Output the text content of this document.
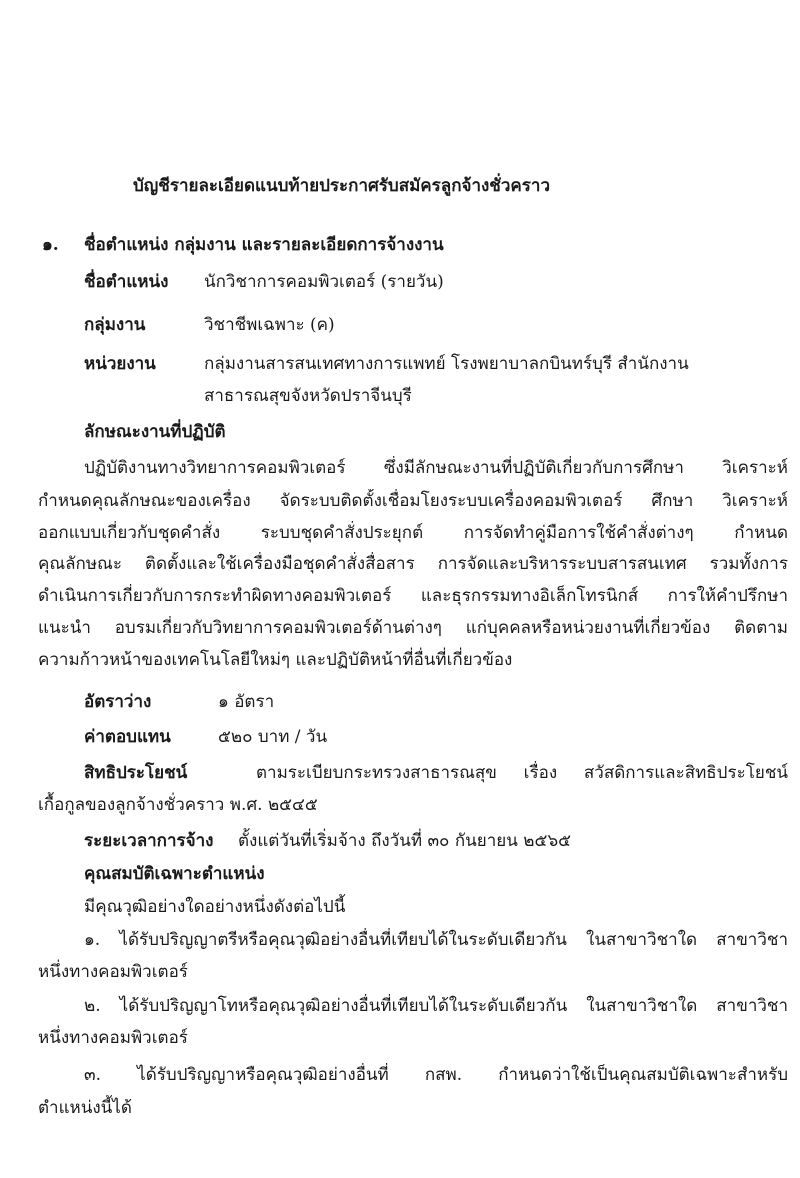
บัญชีรายละเอียดแนบท้ายประกาศรับสมัครลูกจ้างชั่วคราว
๑. ชื่อตำแหน่ง กลุ่มงาน และรายละเอียดการจ้างงาน
ชื่อตำแหน่ง นักวิชาการคอมพิวเตอร์ (รายวัน)
กลุ่มงาน	วิชาชีพเฉพาะ (ค)
หน่วยงาน	กลุ่มงานสารสนเทศทางการแพทย์ โรงพยาบาลกบินทร์บุรี สำนักงาน
สาธารณสุขจังหวัดปราจีนบุรี
ลักษณะงานที่ปฏิบัติ
ปฏิบัติงานทางวิทยาการคอมพิวเตอร์ ซึ่งมีลักษณะงานที่ปฏิบัติเกี่ยวกับการศึกษา วิเคราะห์
กำหนดคุณลักษณะของเครื่อง จัดระบบติดตั้งเชื่อมโยงระบบเครื่องคอมพิวเตอร์ ศึกษา วิเคราะห์
ออกแบบเกี่ยวกับชุดคำสั่ง ระบบชุดคำสั่งประยุกต์ การจัดทำคู่มือการใช้คำสั่งต่างๆ กำหนด
คุณลักษณะ ติดตั้งและใช้เครื่องมือชุดคำสั่งสื่อสาร การจัดและบริหารระบบสารสนเทศ รวมทั้งการ
ดำเนินการเกี่ยวกับการกระทำผิดทางคอมพิวเตอร์ และธุรกรรมทางอิเล็กโทรนิกส์ การให้คำปรึกษา
แนะนำ อบรมเกี่ยวกับวิทยาการคอมพิวเตอร์ด้านต่างๆ แก่บุคคลหรือหน่วยงานที่เกี่ยวข้อง ติดตาม
ความก้าวหน้าของเทคโนโลยีใหม่ๆ และปฏิบัติหน้าที่อื่นที่เกี่ยวข้อง
อัตราว่าง	๑ อัตรา
ค่าตอบแทน	๕๒๐ บาท / วัน
สิทธิประโยชน์	ตามระเบียบกระทรวงสาธารณสุข เรื่อง สวัสดิการและสิทธิประโยชน์
เกื้อกูลของลูกจ้างชั่วคราว พ.ศ. ๒๕๔๕
ระยะเวลาการจ้าง ตั้งแต่วันที่เริ่มจ้าง ถึงวันที่ ๓๐ กันยายน ๒๕๖๕
คุณสมบัติเฉพาะตำแหน่ง
มีคุณวุฒิอย่างใดอย่างหนึ่งดังต่อไปนี้
๑. ได้รับปริญญาตรีหรือคุณวุฒิอย่างอื่นที่เทียบได้ในระดับเดียวกัน ในสาขาวิชาใด สาขาวิชา
หนึ่งทางคอมพิวเตอร์
๒. ได้รับปริญญาโทหรือคุณวุฒิอย่างอื่นที่เทียบได้ในระดับเดียวกัน ในสาขาวิชาใด สาขาวิชา
หนึ่งทางคอมพิวเตอร์
๓. ได้รับปริญญาหรือคุณวุฒิอย่างอื่นที่ กสพ. กำหนดว่าใช้เป็นคุณสมบัติเฉพาะสำหรับ
ตำแหน่งนี้ได้
